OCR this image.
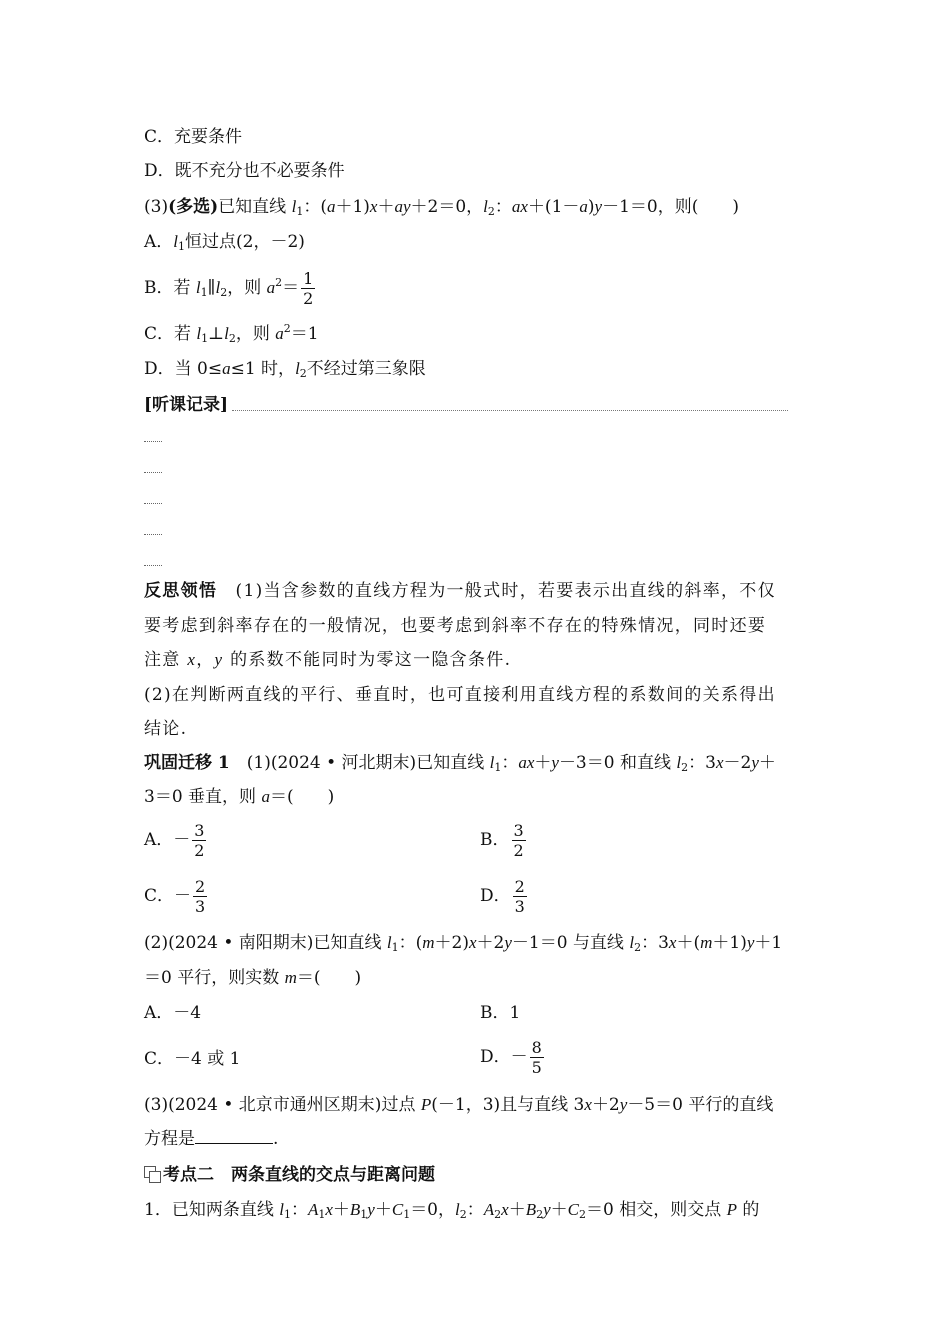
C．充要条件
D．既不充分也不必要条件
(3)(多选)已知直线 $l_1$：(a＋1)x＋ay＋2＝0，$l_2$：ax＋(1－a)y－1＝0，则(　　)
A．$l_1$恒过点(2，－2)
B．若 $l_1\parallel l_2$，则 $a^2= \frac{1}{2}$
C．若 $l_1\perp l_2$，则 $a^2=1$
D．当 0≤a≤1 时，$l_2$不经过第三象限
[听课记录]
反思领悟　 (1)当含参数的直线方程为一般式时，若要表示出直线的斜率，不仅
要考虑到斜率存在的一般情况，也要考虑到斜率不存在的特殊情况，同时还要
注意 x，y 的系数不能同时为零这一隐含条件.
(2)在判断两直线的平行、垂直时，也可直接利用直线方程的系数间的关系得出
结论.
巩固迁移 1　 (1)(2024 • 河北期末)已知直线 $l_1$：ax＋y－3＝0 和直线 $l_2$：3x－2y＋
3＝0 垂直，则 a＝(　　)
A．－ $\frac{3}{2}$	B． $\frac{3}{2}$
C．－ $\frac{2}{3}$	D． $\frac{2}{3}$
(2)(2024 • 南阳期末)已知直线 $l_1$：(m＋2)x＋2y－1＝0 与直线 $l_2$：3x＋(m＋1)y＋1
＝0 平行，则实数 m＝(　　)
A．－4	B．1
C．－4 或 1	D．－ $\frac{8}{5}$
(3)(2024 • 北京市通州区期末)过点 P(－1，3)且与直线 3x＋2y－5＝0 平行的直线
方程是	.
考点二　两条直线的交点与距离问题
1．已知两条直线 $l_1$：$A_1x+B_1y+C_1=0$，$l_2$：$A_2x+B_2y+C_2=0$ 相交，则交点 P 的
